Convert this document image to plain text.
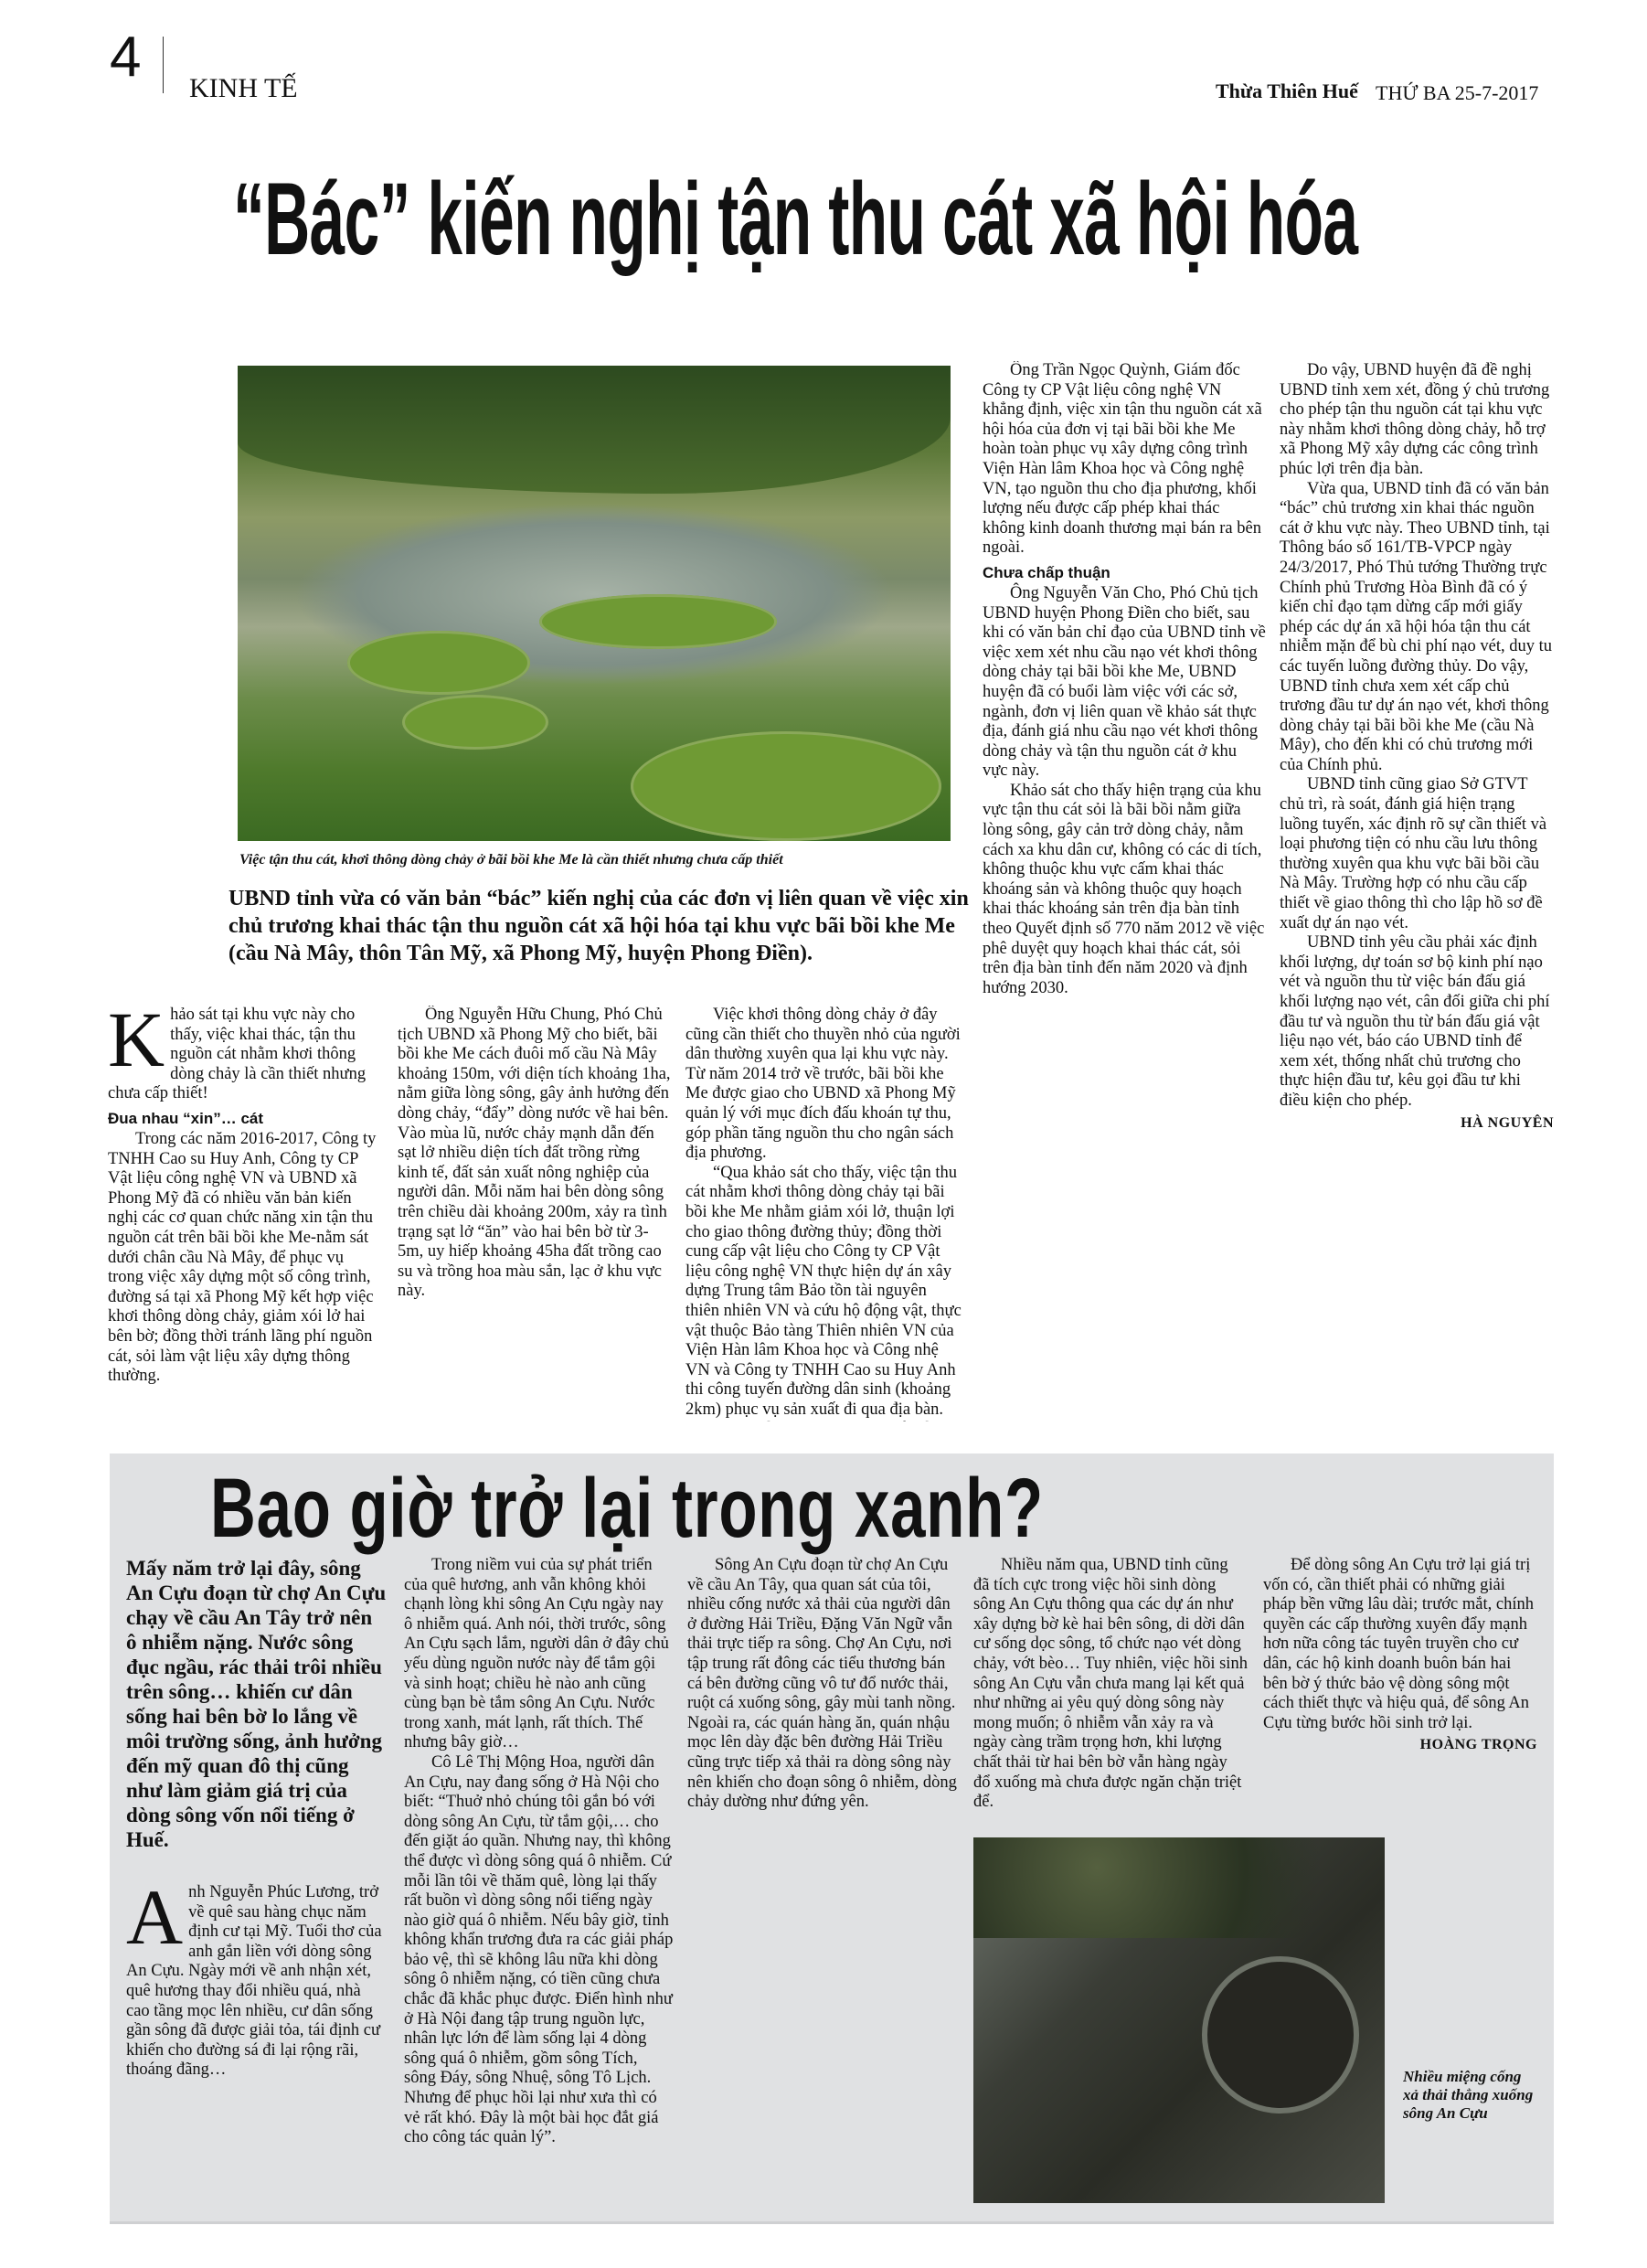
4	KINH TẾ	Thừa Thiên Huế THỨ BA 25-7-2017
“Bác” kiến nghị tận thu cát xã hội hóa
Việc tận thu cát, khơi thông dòng chảy ở bãi bồi khe Me là cần thiết nhưng chưa cấp thiết
UBND tỉnh vừa có văn bản “bác” kiến nghị của các đơn vị liên quan về việc xin chủ trương khai thác tận thu nguồn cát xã hội hóa tại khu vực bãi bồi khe Me (cầu Nà Mây, thôn Tân Mỹ, xã Phong Mỹ, huyện Phong Điền).
K hảo sát tại khu vực này cho thấy, việc khai thác, tận thu nguồn cát nhằm khơi thông dòng chảy là cần thiết nhưng chưa cấp thiết!

Đua nhau “xin”… cát

Trong các năm 2016-2017, Công ty TNHH Cao su Huy Anh, Công ty CP Vật liệu công nghệ VN và UBND xã Phong Mỹ đã có nhiều văn bản kiến nghị các cơ quan chức năng xin tận thu nguồn cát trên bãi bồi khe Me-nằm sát dưới chân cầu Nà Mây, để phục vụ trong việc xây dựng một số công trình, đường sá tại xã Phong Mỹ kết hợp việc khơi thông dòng chảy, giảm xói lở hai bên bờ; đồng thời tránh lãng phí nguồn cát, sỏi làm vật liệu xây dựng thông thường.

Ông Nguyễn Hữu Chung, Phó Chủ tịch UBND xã Phong Mỹ cho biết, bãi bồi khe Me cách đuôi mố cầu Nà Mây khoảng 150m, với diện tích khoảng 1ha, nằm giữa lòng sông, gây ảnh hưởng đến dòng chảy, “đẩy” dòng nước về hai bên. Vào mùa lũ, nước chảy mạnh dẫn đến sạt lở nhiều diện tích đất trồng rừng kinh tế, đất sản xuất nông nghiệp của người dân. Mỗi năm hai bên dòng sông trên chiều dài khoảng 200m, xảy ra tình trạng sạt lở “ăn” vào hai bên bờ từ 3-5m, uy hiếp khoảng 45ha đất trồng cao su và trồng hoa màu sắn, lạc ở khu vực này.

Việc khơi thông dòng chảy ở đây cũng cần thiết cho thuyền nhỏ của người dân thường xuyên qua lại khu vực này. Từ năm 2014 trở về trước, bãi bồi khe Me được giao cho UBND xã Phong Mỹ quản lý với mục đích đấu khoán tự thu, góp phần tăng nguồn thu cho ngân sách địa phương.

“Qua khảo sát cho thấy, việc tận thu cát nhằm khơi thông dòng chảy tại bãi bồi khe Me nhằm giảm xói lở, thuận lợi cho giao thông đường thủy; đồng thời cung cấp vật liệu cho Công ty CP Vật liệu công nghệ VN thực hiện dự án xây dựng Trung tâm Bảo tồn tài nguyên thiên nhiên VN và cứu hộ động vật, thực vật thuộc Bảo tàng Thiên nhiên VN của Viện Hàn lâm Khoa học và Công nhệ VN và Công ty TNHH Cao su Huy Anh thi công tuyến đường dân sinh (khoảng 2km) phục vụ sản xuất đi qua địa bàn.

Ông Trần Ngọc Quỳnh, Giám đốc Công ty CP Vật liệu công nghệ VN khẳng định, việc xin tận thu nguồn cát xã hội hóa của đơn vị tại bãi bồi khe Me hoàn toàn phục vụ xây dựng công trình Viện Hàn lâm Khoa học và Công nghệ VN, tạo nguồn thu cho địa phương, khối lượng nếu được cấp phép khai thác không kinh doanh thương mại bán ra bên ngoài.

Chưa chấp thuận

Ông Nguyễn Văn Cho, Phó Chủ tịch UBND huyện Phong Điền cho biết, sau khi có văn bản chỉ đạo của UBND tỉnh về việc xem xét nhu cầu nạo vét khơi thông dòng chảy tại bãi bồi khe Me, UBND huyện đã có buổi làm việc với các sở, ngành, đơn vị liên quan về khảo sát thực địa, đánh giá nhu cầu nạo vét khơi thông dòng chảy và tận thu nguồn cát ở khu vực này.

Khảo sát cho thấy hiện trạng của khu vực tận thu cát sỏi là bãi bồi nằm giữa lòng sông, gây cản trở dòng chảy, nằm cách xa khu dân cư, không có các di tích, không thuộc khu vực cấm khai thác khoáng sản và không thuộc quy hoạch khai thác khoáng sản trên địa bàn tỉnh theo Quyết định số 770 năm 2012 về việc phê duyệt quy hoạch khai thác cát, sỏi trên địa bàn tỉnh đến năm 2020 và định hướng 2030.

Do vậy, UBND huyện đã đề nghị UBND tỉnh xem xét, đồng ý chủ trương cho phép tận thu nguồn cát tại khu vực này nhằm khơi thông dòng chảy, hỗ trợ xã Phong Mỹ xây dựng các công trình phúc lợi trên địa bàn.

Vừa qua, UBND tỉnh đã có văn bản “bác” chủ trương xin khai thác nguồn cát ở khu vực này. Theo UBND tỉnh, tại Thông báo số 161/TB-VPCP ngày 24/3/2017, Phó Thủ tướng Thường trực Chính phủ Trương Hòa Bình đã có ý kiến chỉ đạo tạm dừng cấp mới giấy phép các dự án xã hội hóa tận thu cát nhiễm mặn để bù chi phí nạo vét, duy tu các tuyến luồng đường thủy. Do vậy, UBND tỉnh chưa xem xét cấp chủ trương đầu tư dự án nạo vét, khơi thông dòng chảy tại bãi bồi khe Me (cầu Nà Mây), cho đến khi có chủ trương mới của Chính phủ.

UBND tỉnh cũng giao Sở GTVT chủ trì, rà soát, đánh giá hiện trạng luồng tuyến, xác định rõ sự cần thiết và loại phương tiện có nhu cầu lưu thông thường xuyên qua khu vực bãi bồi cầu Nà Mây. Trường hợp có nhu cầu cấp thiết về giao thông thì cho lập hồ sơ đề xuất dự án nạo vét.

UBND tỉnh yêu cầu phải xác định khối lượng, dự toán sơ bộ kinh phí nạo vét và nguồn thu từ việc bán đấu giá khối lượng nạo vét, cân đối giữa chi phí đầu tư và nguồn thu từ bán đấu giá vật liệu nạo vét, báo cáo UBND tỉnh để xem xét, thống nhất chủ trương cho thực hiện đầu tư, kêu gọi đầu tư khi điều kiện cho phép.

HÀ NGUYÊN
Bao giờ trở lại trong xanh?
Mấy năm trở lại đây, sông An Cựu đoạn từ chợ An Cựu chạy về cầu An Tây trở nên ô nhiễm nặng. Nước sông đục ngầu, rác thải trôi nhiều trên sông… khiến cư dân sống hai bên bờ lo lắng về môi trường sống, ảnh hưởng đến mỹ quan đô thị cũng như làm giảm giá trị của dòng sông vốn nổi tiếng ở Huế.
A nh Nguyễn Phúc Lương, trở về quê sau hàng chục năm định cư tại Mỹ. Tuổi thơ của anh gắn liền với dòng sông An Cựu. Ngày mới về anh nhận xét, quê hương thay đổi nhiều quá, nhà cao tầng mọc lên nhiều, cư dân sống gần sông đã được giải tỏa, tái định cư khiến cho đường sá đi lại rộng rãi, thoáng đãng…

Trong niềm vui của sự phát triển của quê hương, anh vẫn không khỏi chạnh lòng khi sông An Cựu ngày nay ô nhiễm quá. Anh nói, thời trước, sông An Cựu sạch lắm, người dân ở đây chủ yếu dùng nguồn nước này để tắm gội và sinh hoạt; chiều hè nào anh cũng cùng bạn bè tắm sông An Cựu. Nước trong xanh, mát lạnh, rất thích. Thế nhưng bây giờ…

Cô Lê Thị Mộng Hoa, người dân An Cựu, nay đang sống ở Hà Nội cho biết: “Thuở nhỏ chúng tôi gắn bó với dòng sông An Cựu, từ tắm gội,… cho đến giặt áo quần. Nhưng nay, thì không thể được vì dòng sông quá ô nhiễm. Cứ mỗi lần tôi về thăm quê, lòng lại thấy rất buồn vì dòng sông nổi tiếng ngày nào giờ quá ô nhiễm. Nếu bây giờ, tỉnh không khẩn trương đưa ra các giải pháp bảo vệ, thì sẽ không lâu nữa khi dòng sông ô nhiễm nặng, có tiền cũng chưa chắc đã khắc phục được. Điển hình như ở Hà Nội đang tập trung nguồn lực, nhân lực lớn để làm sống lại 4 dòng sông quá ô nhiễm, gồm sông Tích, sông Đáy, sông Nhuệ, sông Tô Lịch. Nhưng để phục hồi lại như xưa thì có vẻ rất khó. Đây là một bài học đắt giá cho công tác quản lý”.

Sông An Cựu đoạn từ chợ An Cựu về cầu An Tây, qua quan sát của tôi, nhiều cống nước xả thải của người dân ở đường Hải Triều, Đặng Văn Ngữ vẫn thải trực tiếp ra sông. Chợ An Cựu, nơi tập trung rất đông các tiểu thương bán cá bên đường cũng vô tư đổ nước thải, ruột cá xuống sông, gây mùi tanh nồng. Ngoài ra, các quán hàng ăn, quán nhậu mọc lên dày đặc bên đường Hải Triều cũng trực tiếp xả thải ra dòng sông này nên khiến cho đoạn sông ô nhiễm, dòng chảy dường như đứng yên.

Nhiều năm qua, UBND tỉnh cũng đã tích cực trong việc hồi sinh dòng sông An Cựu thông qua các dự án như xây dựng bờ kè hai bên sông, di dời dân cư sống dọc sông, tổ chức nạo vét dòng chảy, vớt bèo… Tuy nhiên, việc hồi sinh sông An Cựu vẫn chưa mang lại kết quả như những ai yêu quý dòng sông này mong muốn; ô nhiễm vẫn xảy ra và ngày càng trầm trọng hơn, khi lượng chất thải từ hai bên bờ vẫn hàng ngày đổ xuống mà chưa được ngăn chặn triệt để.

Để dòng sông An Cựu trở lại giá trị vốn có, cần thiết phải có những giải pháp bền vững lâu dài; trước mắt, chính quyền các cấp thường xuyên đẩy mạnh hơn nữa công tác tuyên truyền cho cư dân, các hộ kinh doanh buôn bán hai bên bờ ý thức bảo vệ dòng sông một cách thiết thực và hiệu quả, để sông An Cựu từng bước hồi sinh trở lại.

HOÀNG TRỌNG
Nhiều miệng cống xả thải thẳng xuống sông An Cựu
